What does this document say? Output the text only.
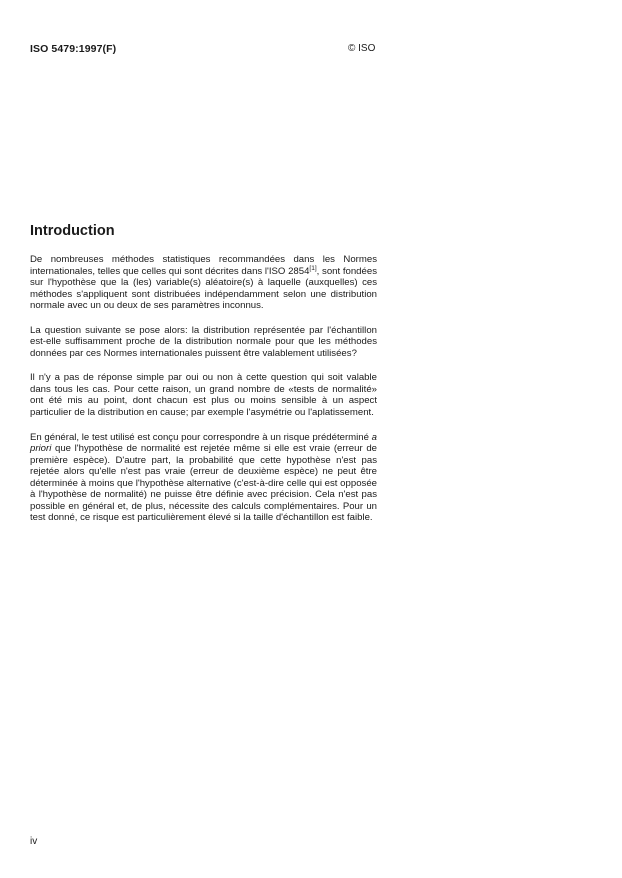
ISO 5479:1997(F)	© ISO
Introduction

De nombreuses méthodes statistiques recommandées dans les Normes internationales, telles que celles qui sont décrites dans l'ISO 2854[1], sont fondées sur l'hypothèse que la (les) variable(s) aléatoire(s) à laquelle (auxquelles) ces méthodes s'appliquent sont distribuées indépendamment selon une distribution normale avec un ou deux de ses paramètres inconnus.

La question suivante se pose alors: la distribution représentée par l'échantillon est-elle suffisamment proche de la distribution normale pour que les méthodes données par ces Normes internationales puissent être valablement utilisées?

Il n'y a pas de réponse simple par oui ou non à cette question qui soit valable dans tous les cas. Pour cette raison, un grand nombre de «tests de normalité» ont été mis au point, dont chacun est plus ou moins sensible à un aspect particulier de la distribution en cause; par exemple l'asymétrie ou l'aplatissement.

En général, le test utilisé est conçu pour correspondre à un risque prédéterminé a priori que l'hypothèse de normalité est rejetée même si elle est vraie (erreur de première espèce). D'autre part, la probabilité que cette hypothèse n'est pas rejetée alors qu'elle n'est pas vraie (erreur de deuxième espèce) ne peut être déterminée à moins que l'hypothèse alternative (c'est-à-dire celle qui est opposée à l'hypothèse de normalité) ne puisse être définie avec précision. Cela n'est pas possible en général et, de plus, nécessite des calculs complémentaires. Pour un test donné, ce risque est particulièrement élevé si la taille d'échantillon est faible.

iv
